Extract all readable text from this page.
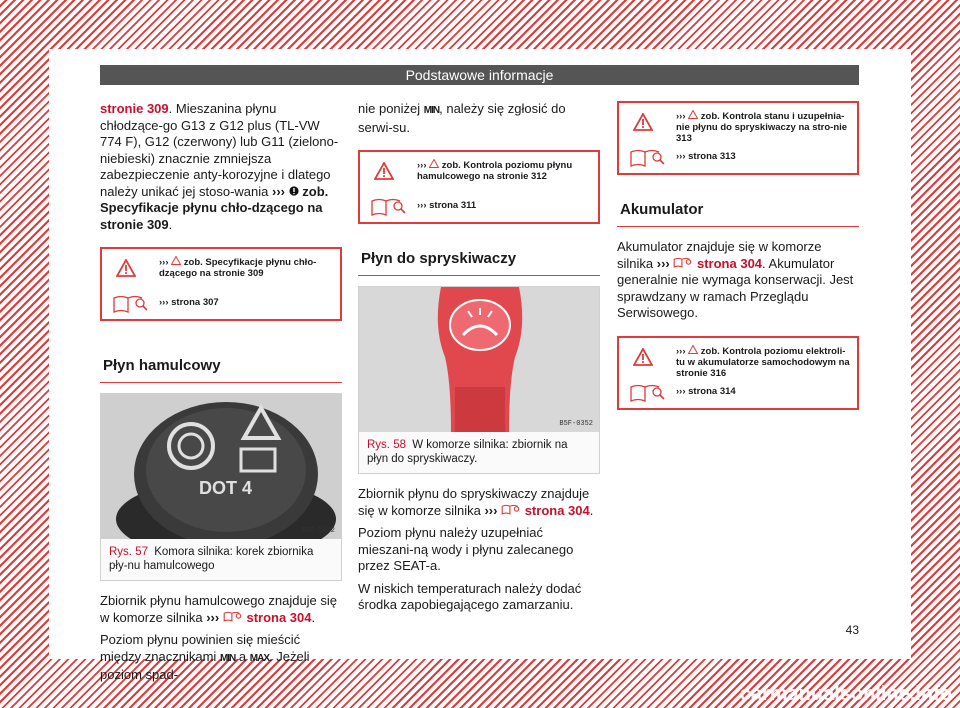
Podstawowe informacje

stronie 309. Mieszanina płynu chłodzące-go G13 z G12 plus (TL-VW 774 F), G12 (czerwony) lub G11 (zielono-niebieski) znacznie zmniejsza zabezpieczenie anty-korozyjne i dlatego należy unikać jej stoso-wania ››› zob. Specyfikacje płynu chło-dzącego na stronie 309.

››› zob. Specyfikacje płynu chło-dzącego na stronie 309
››› strona 307
Płyn hamulcowy
DOT 4
B5F-0432
Rys. 57 Komora silnika: korek zbiornika pły-nu hamulcowego

Zbiornik płynu hamulcowego znajduje się w komorze silnika ››› strona 304.

Poziom płynu powinien się mieścić między znacznikami MIN a MAX. Jeżeli poziom spad-

nie poniżej MIN, należy się zgłosić do serwi-su.

››› zob. Kontrola poziomu płynu hamulcowego na stronie 312
››› strona 311
Płyn do spryskiwaczy
B5F-0352
Rys. 58 W komorze silnika: zbiornik na płyn do spryskiwaczy.

Zbiornik płynu do spryskiwaczy znajduje się w komorze silnika ››› strona 304.

Poziom płynu należy uzupełniać mieszani-ną wody i płynu zalecanego przez SEAT-a.

W niskich temperaturach należy dodać środka zapobiegającego zamarzaniu.

››› zob. Kontrola stanu i uzupełnia-nie płynu do spryskiwaczy na stro-nie 313
››› strona 313
Akumulator

Akumulator znajduje się w komorze silnika ››› strona 304. Akumulator generalnie nie wymaga konserwacji. Jest sprawdzany w ramach Przeglądu Serwisowego.

››› zob. Kontrola poziomu elektroli-tu w akumulatorze samochodowym na stronie 316
››› strona 314
43
carmanualsonline.info
